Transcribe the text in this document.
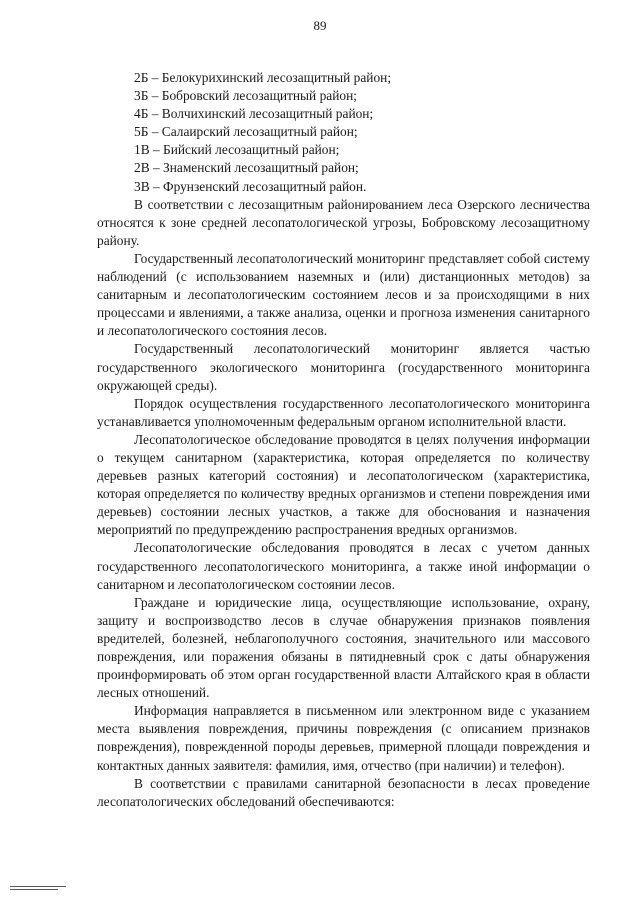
89

2Б – Белокурихинский лесозащитный район;

3Б – Бобровский лесозащитный район;

4Б – Волчихинский лесозащитный район;

5Б – Салаирский лесозащитный район;

1В – Бийский лесозащитный район;

2В – Знаменский лесозащитный район;

3В – Фрунзенский лесозащитный район.

В соответствии с лесозащитным районированием леса Озерского лесничества относятся к зоне средней лесопатологической угрозы, Бобровскому лесозащитному району.

Государственный лесопатологический мониторинг представляет собой систему наблюдений (с использованием наземных и (или) дистанционных методов) за санитарным и лесопатологическим состоянием лесов и за происходящими в них процессами и явлениями, а также анализа, оценки и прогноза изменения санитарного и лесопатологического состояния лесов.

Государственный лесопатологический мониторинг является частью государственного экологического мониторинга (государственного мониторинга окружающей среды).

Порядок осуществления государственного лесопатологического мониторинга устанавливается уполномоченным федеральным органом исполнительной власти.

Лесопатологическое обследование проводятся в целях получения информации о текущем санитарном (характеристика, которая определяется по количеству деревьев разных категорий состояния) и лесопатологическом (характеристика, которая определяется по количеству вредных организмов и степени повреждения ими деревьев) состоянии лесных участков, а также для обоснования и назначения мероприятий по предупреждению распространения вредных организмов.

Лесопатологические обследования проводятся в лесах с учетом данных государственного лесопатологического мониторинга, а также иной информации о санитарном и лесопатологическом состоянии лесов.

Граждане и юридические лица, осуществляющие использование, охрану, защиту и воспроизводство лесов в случае обнаружения признаков появления вредителей, болезней, неблагополучного состояния, значительного или массового повреждения, или поражения обязаны в пятидневный срок с даты обнаружения проинформировать об этом орган государственной власти Алтайского края в области лесных отношений.

Информация направляется в письменном или электронном виде с указанием места выявления повреждения, причины повреждения (с описанием признаков повреждения), поврежденной породы деревьев, примерной площади повреждения и контактных данных заявителя: фамилия, имя, отчество (при наличии) и телефон).

В соответствии с правилами санитарной безопасности в лесах проведение лесопатологических обследований обеспечиваются:
